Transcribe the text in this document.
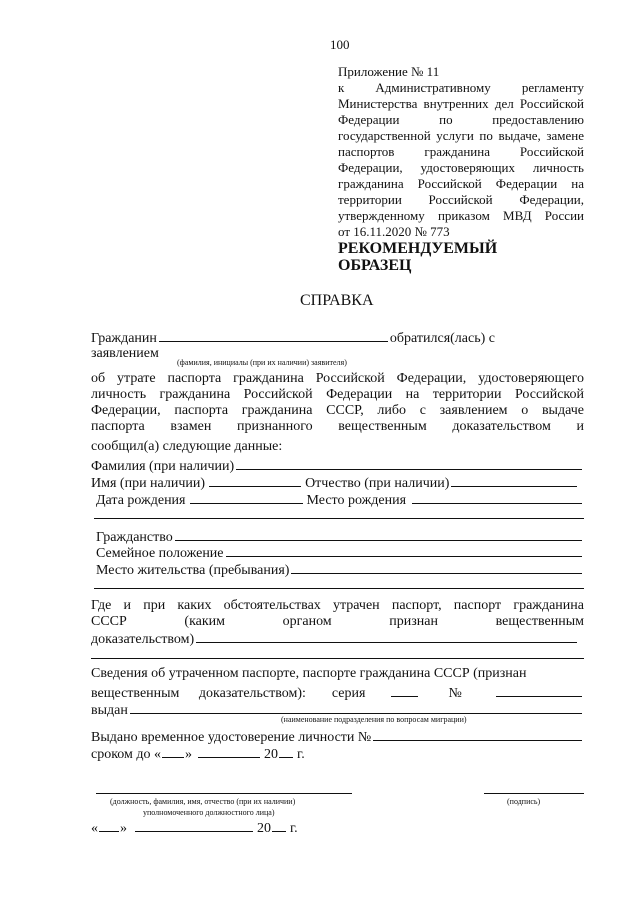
100
Приложение № 11
к Административному регламенту
Министерства внутренних дел Российской
Федерации по предоставлению
государственной услуги по выдаче, замене
паспортов гражданина Российской
Федерации, удостоверяющих личность
гражданина Российской Федерации на
территории Российской Федерации,
утвержденному приказом МВД России
от 16.11.2020 № 773
РЕКОМЕНДУЕМЫЙ
ОБРАЗЕЦ
СПРАВКА
Гражданин	обратился(лась) с
заявлением
(фамилия, инициалы (при их наличии) заявителя)
об утрате паспорта гражданина Российской Федерации, удостоверяющего
личность гражданина Российской Федерации на территории Российской
Федерации, паспорта гражданина СССР, либо с заявлением о выдаче
паспорта взамен признанного вещественным доказательством и
сообщил(а) следующие данные:
Фамилия (при наличии)
Имя (при наличии)	Отчество (при наличии)
Дата рождения	Место рождения
Гражданство
Семейное положение
Место жительства (пребывания)
Где и при каких обстоятельствах утрачен паспорт, паспорт гражданина
СССР (каким органом признан вещественным
доказательством)
Сведения об утраченном паспорте, паспорте гражданина СССР (признан
вещественным доказательством): серия	№
выдан
(наименование подразделения по вопросам миграции)
Выдано временное удостоверение личности №
сроком до « »	20 г.
(должность, фамилия, имя, отчество (при их наличии)
уполномоченного должностного лица)
(подпись)
« »	20 г.
